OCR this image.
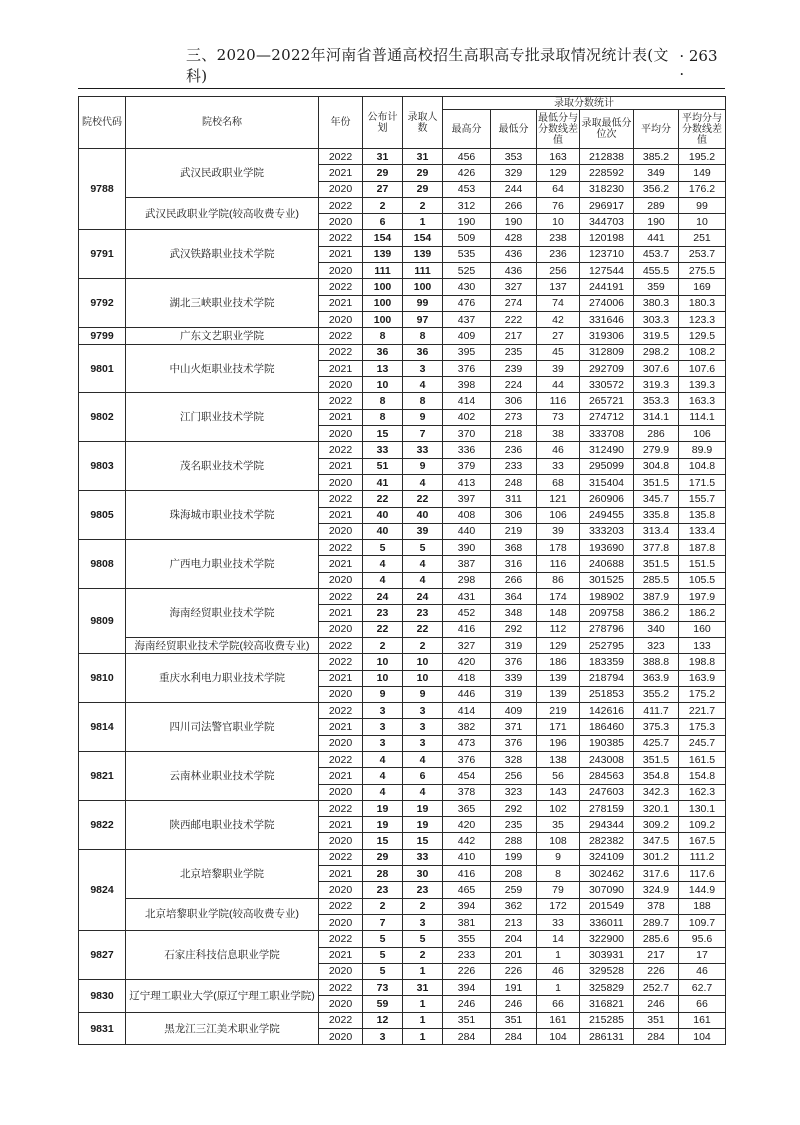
三、2020—2022年河南省普通高校招生高职高专批录取情况统计表(文科)
· 263 ·
院校代码	院校名称	年份	公布计划	录取人数	录取分数统计					
					最高分	最低分	最低分与分数线差值	录取最低分位次	平均分	平均分与分数线差值
9788	武汉民政职业学院	2022	31	31	456	353	163	212838	385.2	195.2
		2021	29	29	426	329	129	228592	349	149
		2020	27	29	453	244	64	318230	356.2	176.2
	武汉民政职业学院(较高收费专业)	2022	2	2	312	266	76	296917	289	99
		2020	6	1	190	190	10	344703	190	10
9791	武汉铁路职业技术学院	2022	154	154	509	428	238	120198	441	251
		2021	139	139	535	436	236	123710	453.7	253.7
		2020	111	111	525	436	256	127544	455.5	275.5
9792	湖北三峡职业技术学院	2022	100	100	430	327	137	244191	359	169
		2021	100	99	476	274	74	274006	380.3	180.3
		2020	100	97	437	222	42	331646	303.3	123.3
9799	广东文艺职业学院	2022	8	8	409	217	27	319306	319.5	129.5
9801	中山火炬职业技术学院	2022	36	36	395	235	45	312809	298.2	108.2
		2021	13	3	376	239	39	292709	307.6	107.6
		2020	10	4	398	224	44	330572	319.3	139.3
9802	江门职业技术学院	2022	8	8	414	306	116	265721	353.3	163.3
		2021	8	9	402	273	73	274712	314.1	114.1
		2020	15	7	370	218	38	333708	286	106
9803	茂名职业技术学院	2022	33	33	336	236	46	312490	279.9	89.9
		2021	51	9	379	233	33	295099	304.8	104.8
		2020	41	4	413	248	68	315404	351.5	171.5
9805	珠海城市职业技术学院	2022	22	22	397	311	121	260906	345.7	155.7
		2021	40	40	408	306	106	249455	335.8	135.8
		2020	40	39	440	219	39	333203	313.4	133.4
9808	广西电力职业技术学院	2022	5	5	390	368	178	193690	377.8	187.8
		2021	4	4	387	316	116	240688	351.5	151.5
		2020	4	4	298	266	86	301525	285.5	105.5
9809	海南经贸职业技术学院	2022	24	24	431	364	174	198902	387.9	197.9
		2021	23	23	452	348	148	209758	386.2	186.2
		2020	22	22	416	292	112	278796	340	160
	海南经贸职业技术学院(较高收费专业)	2022	2	2	327	319	129	252795	323	133
9810	重庆水利电力职业技术学院	2022	10	10	420	376	186	183359	388.8	198.8
		2021	10	10	418	339	139	218794	363.9	163.9
		2020	9	9	446	319	139	251853	355.2	175.2
9814	四川司法警官职业学院	2022	3	3	414	409	219	142616	411.7	221.7
		2021	3	3	382	371	171	186460	375.3	175.3
		2020	3	3	473	376	196	190385	425.7	245.7
9821	云南林业职业技术学院	2022	4	4	376	328	138	243008	351.5	161.5
		2021	4	6	454	256	56	284563	354.8	154.8
		2020	4	4	378	323	143	247603	342.3	162.3
9822	陕西邮电职业技术学院	2022	19	19	365	292	102	278159	320.1	130.1
		2021	19	19	420	235	35	294344	309.2	109.2
		2020	15	15	442	288	108	282382	347.5	167.5
9824	北京培黎职业学院	2022	29	33	410	199	9	324109	301.2	111.2
		2021	28	30	416	208	8	302462	317.6	117.6
		2020	23	23	465	259	79	307090	324.9	144.9
	北京培黎职业学院(较高收费专业)	2022	2	2	394	362	172	201549	378	188
		2020	7	3	381	213	33	336011	289.7	109.7
9827	石家庄科技信息职业学院	2022	5	5	355	204	14	322900	285.6	95.6
		2021	5	2	233	201	1	303931	217	17
		2020	5	1	226	226	46	329528	226	46
9830	辽宁理工职业大学(原辽宁理工职业学院)	2022	73	31	394	191	1	325829	252.7	62.7
		2020	59	1	246	246	66	316821	246	66
9831	黑龙江三江美术职业学院	2022	12	1	351	351	161	215285	351	161
		2020	3	1	284	284	104	286131	284	104
